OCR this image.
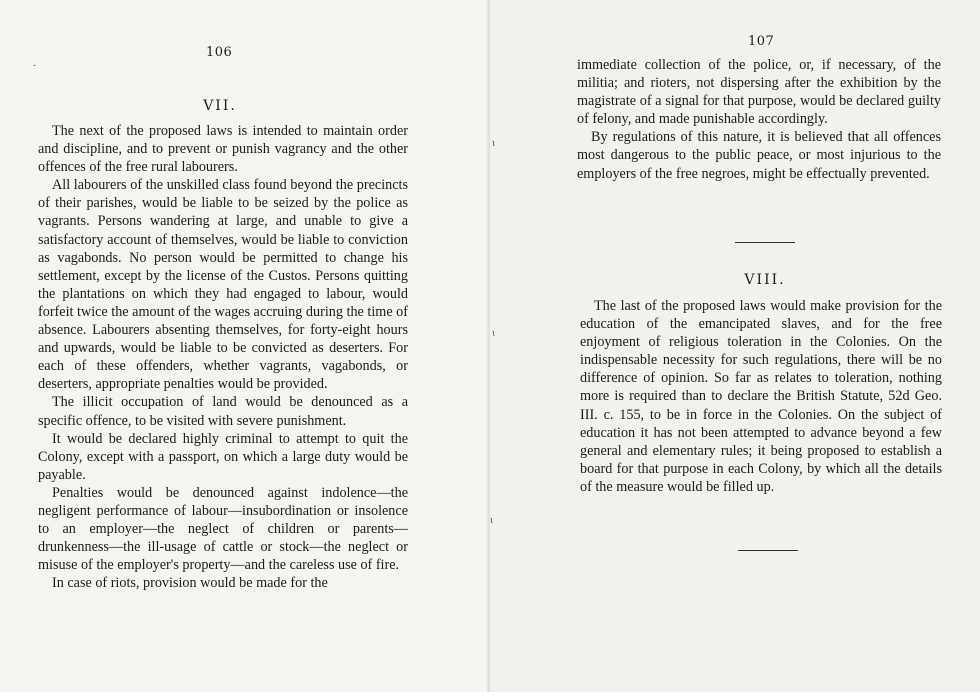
106
-
VII.

The next of the proposed laws is intended to maintain order and discipline, and to prevent or punish vagrancy and the other offences of the free rural labourers.

All labourers of the unskilled class found beyond the precincts of their parishes, would be liable to be seized by the police as vagrants. Persons wandering at large, and unable to give a satisfactory account of themselves, would be liable to conviction as vagabonds. No person would be permitted to change his settlement, except by the license of the Custos. Persons quitting the plantations on which they had engaged to labour, would forfeit twice the amount of the wages accruing during the time of absence. Labourers absenting themselves, for forty-eight hours and upwards, would be liable to be convicted as deserters. For each of these offenders, whether vagrants, vagabonds, or deserters, appropriate penalties would be provided.

The illicit occupation of land would be denounced as a specific offence, to be visited with severe punishment.

It would be declared highly criminal to attempt to quit the Colony, except with a passport, on which a large duty would be payable.

Penalties would be denounced against indolence—the negligent performance of labour—insubordination or insolence to an employer—the neglect of children or parents—drunkenness—the ill-usage of cattle or stock—the neglect or misuse of the employer's property—and the careless use of fire.

In case of riots, provision would be made for the

107

immediate collection of the police, or, if necessary, of the militia; and rioters, not dispersing after the exhibition by the magistrate of a signal for that purpose, would be declared guilty of felony, and made punishable accordingly.

By regulations of this nature, it is believed that all offences most dangerous to the public peace, or most injurious to the employers of the free negroes, might be effectually prevented.

VIII.

The last of the proposed laws would make provision for the education of the emancipated slaves, and for the free enjoyment of religious toleration in the Colonies. On the indispensable necessity for such regulations, there will be no difference of opinion. So far as relates to toleration, nothing more is required than to declare the British Statute, 52d Geo. III. c. 155, to be in force in the Colonies. On the subject of education it has not been attempted to advance beyond a few general and elementary rules; it being proposed to establish a board for that purpose in each Colony, by which all the details of the measure would be filled up.

ι
ι
ι
